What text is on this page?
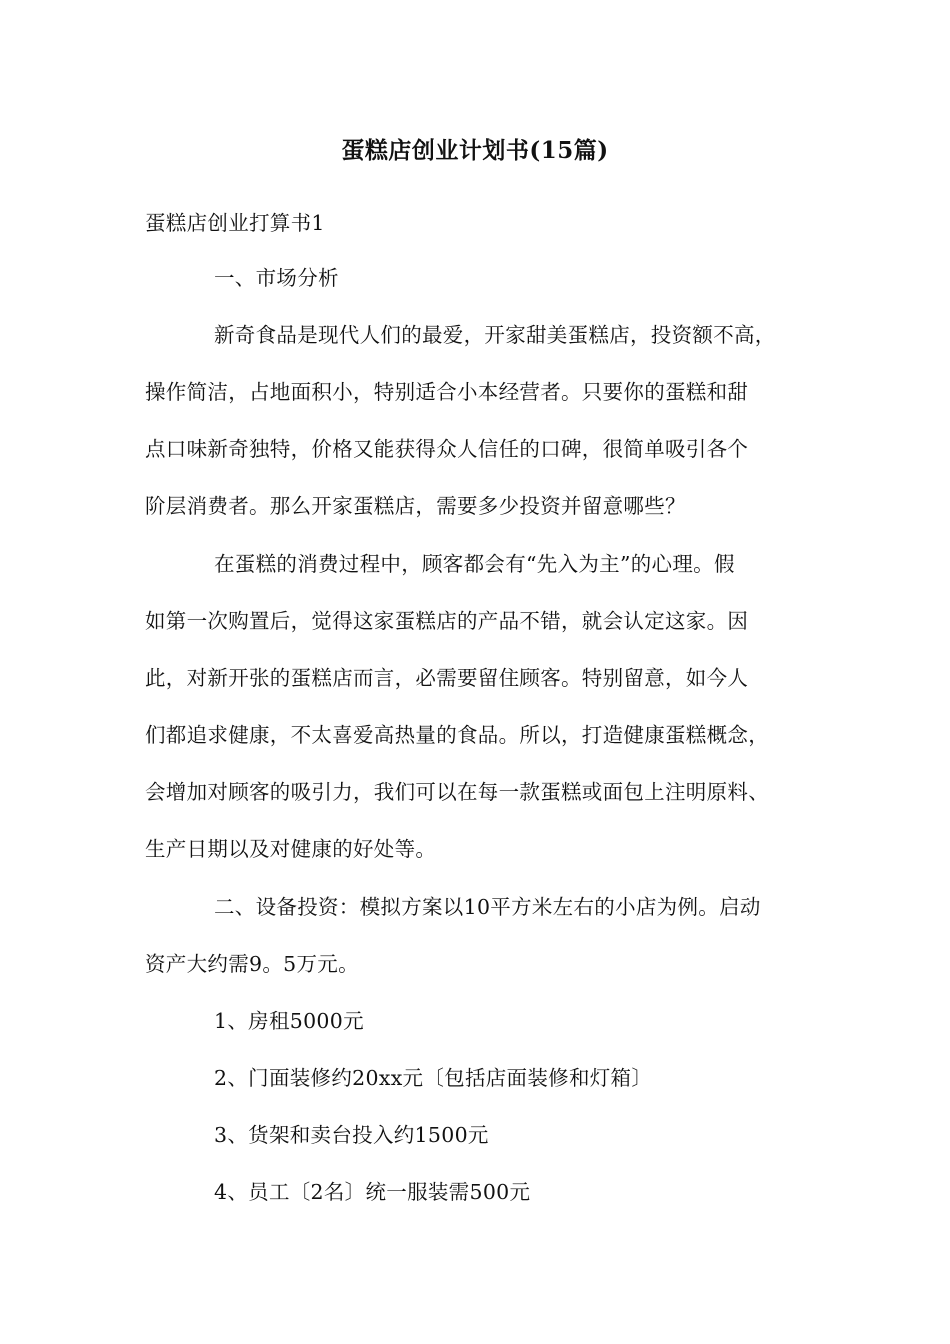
蛋糕店创业计划书(15篇)
蛋糕店创业打算书1
一、市场分析
新奇食品是现代人们的最爱，开家甜美蛋糕店，投资额不高，
操作简洁，占地面积小，特别适合小本经营者。只要你的蛋糕和甜
点口味新奇独特，价格又能获得众人信任的口碑，很简单吸引各个
阶层消费者。那么开家蛋糕店，需要多少投资并留意哪些？
在蛋糕的消费过程中，顾客都会有“先入为主”的心理。假
如第一次购置后，觉得这家蛋糕店的产品不错，就会认定这家。因
此，对新开张的蛋糕店而言，必需要留住顾客。特别留意，如今人
们都追求健康，不太喜爱高热量的食品。所以，打造健康蛋糕概念，
会增加对顾客的吸引力，我们可以在每一款蛋糕或面包上注明原料、
生产日期以及对健康的好处等。
二、设备投资：模拟方案以10平方米左右的小店为例。启动
资产大约需9。5万元。
1、房租5000元
2、门面装修约20xx元〔包括店面装修和灯箱〕
3、货架和卖台投入约1500元
4、员工〔2名〕统一服装需500元
